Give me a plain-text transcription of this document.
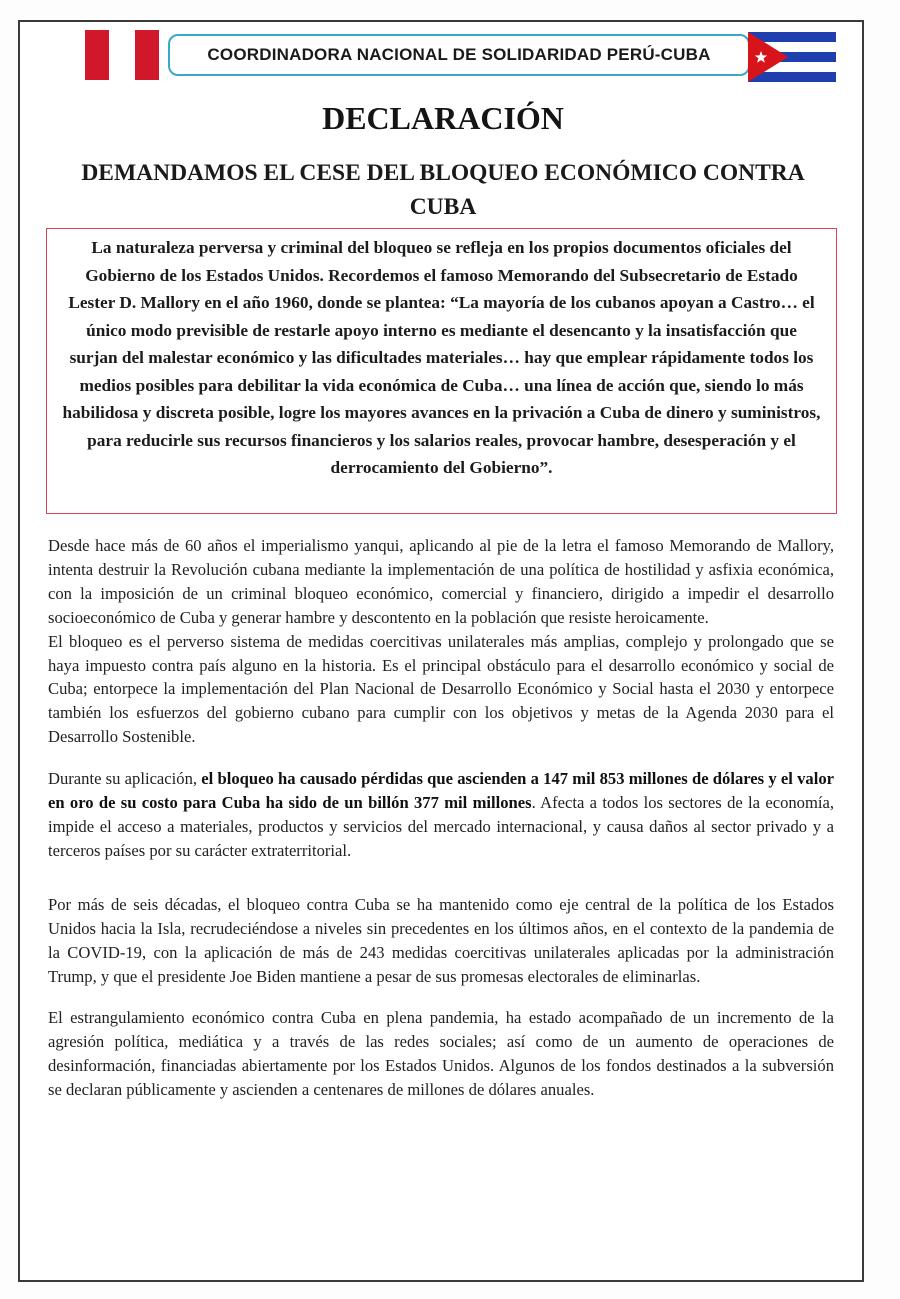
COORDINADORA NACIONAL DE SOLIDARIDAD PERÚ-CUBA
DECLARACIÓN
DEMANDAMOS EL CESE DEL BLOQUEO ECONÓMICO CONTRA CUBA

La naturaleza perversa y criminal del bloqueo se refleja en los propios documentos oficiales del Gobierno de los Estados Unidos. Recordemos el famoso Memorando del Subsecretario de Estado Lester D. Mallory en el año 1960, donde se plantea: “La mayoría de los cubanos apoyan a Castro… el único modo previsible de restarle apoyo interno es mediante el desencanto y la insatisfacción que surjan del malestar económico y las dificultades materiales… hay que emplear rápidamente todos los medios posibles para debilitar la vida económica de Cuba… una línea de acción que, siendo lo más habilidosa y discreta posible, logre los mayores avances en la privación a Cuba de dinero y suministros, para reducirle sus recursos financieros y los salarios reales, provocar hambre, desesperación y el derrocamiento del Gobierno”.

Desde hace más de 60 años el imperialismo yanqui, aplicando al pie de la letra el famoso Memorando de Mallory, intenta destruir la Revolución cubana mediante la implementación de una política de hostilidad y asfixia económica, con la imposición de un criminal bloqueo económico, comercial y financiero, dirigido a impedir el desarrollo socioeconómico de Cuba y generar hambre y descontento en la población que resiste heroicamente.

El bloqueo es el perverso sistema de medidas coercitivas unilaterales más amplias, complejo y prolongado que se haya impuesto contra país alguno en la historia. Es el principal obstáculo para el desarrollo económico y social de Cuba; entorpece la implementación del Plan Nacional de Desarrollo Económico y Social hasta el 2030 y entorpece también los esfuerzos del gobierno cubano para cumplir con los objetivos y metas de la Agenda 2030 para el Desarrollo Sostenible.

Durante su aplicación, el bloqueo ha causado pérdidas que ascienden a 147 mil 853 millones de dólares y el valor en oro de su costo para Cuba ha sido de un billón 377 mil millones. Afecta a todos los sectores de la economía, impide el acceso a materiales, productos y servicios del mercado internacional, y causa daños al sector privado y a terceros países por su carácter extraterritorial.

Por más de seis décadas, el bloqueo contra Cuba se ha mantenido como eje central de la política de los Estados Unidos hacia la Isla, recrudeciéndose a niveles sin precedentes en los últimos años, en el contexto de la pandemia de la COVID-19, con la aplicación de más de 243 medidas coercitivas unilaterales aplicadas por la administración Trump, y que el presidente Joe Biden mantiene a pesar de sus promesas electorales de eliminarlas.

El estrangulamiento económico contra Cuba en plena pandemia, ha estado acompañado de un incremento de la agresión política, mediática y a través de las redes sociales; así como de un aumento de operaciones de desinformación, financiadas abiertamente por los Estados Unidos. Algunos de los fondos destinados a la subversión se declaran públicamente y ascienden a centenares de millones de dólares anuales.
